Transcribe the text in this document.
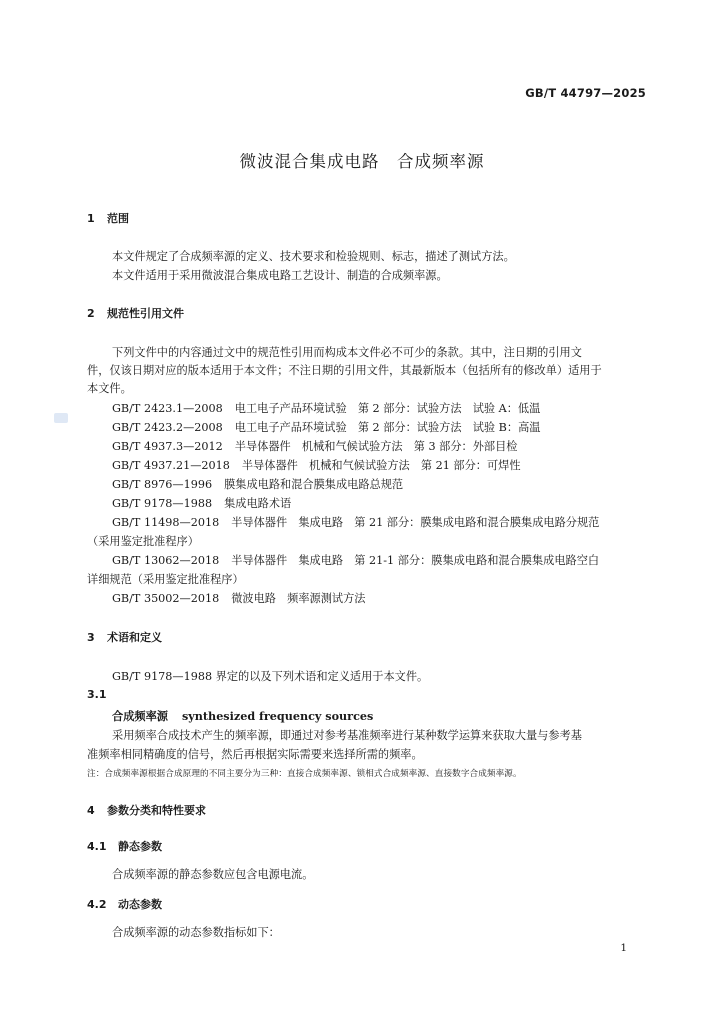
GB/T 44797—2025
微波混合集成电路　合成频率源
1 范围
本文件规定了合成频率源的定义、技术要求和检验规则、标志，描述了测试方法。
本文件适用于采用微波混合集成电路工艺设计、制造的合成频率源。
2 规范性引用文件
下列文件中的内容通过文中的规范性引用而构成本文件必不可少的条款。其中，注日期的引用文
件，仅该日期对应的版本适用于本文件；不注日期的引用文件，其最新版本（包括所有的修改单）适用于
本文件。
GB/T 2423.1—2008 电工电子产品环境试验　第 2 部分：试验方法　试验 A：低温
GB/T 2423.2—2008 电工电子产品环境试验　第 2 部分：试验方法　试验 B：高温
GB/T 4937.3—2012 半导体器件　机械和气候试验方法　第 3 部分：外部目检
GB/T 4937.21—2018 半导体器件　机械和气候试验方法　第 21 部分：可焊性
GB/T 8976—1996 膜集成电路和混合膜集成电路总规范
GB/T 9178—1988 集成电路术语
GB/T 11498—2018 半导体器件　集成电路　第 21 部分：膜集成电路和混合膜集成电路分规范
（采用鉴定批准程序）
GB/T 13062—2018 半导体器件　集成电路　第 21-1 部分：膜集成电路和混合膜集成电路空白
详细规范（采用鉴定批准程序）
GB/T 35002—2018 微波电路　频率源测试方法
3 术语和定义
GB/T 9178—1988 界定的以及下列术语和定义适用于本文件。
3.1
合成频率源 synthesized frequency sources
采用频率合成技术产生的频率源，即通过对参考基准频率进行某种数学运算来获取大量与参考基
准频率相同精确度的信号，然后再根据实际需要来选择所需的频率。
注：合成频率源根据合成原理的不同主要分为三种：直接合成频率源、锁相式合成频率源、直接数字合成频率源。
4 参数分类和特性要求
4.1 静态参数
合成频率源的静态参数应包含电源电流。
4.2 动态参数
合成频率源的动态参数指标如下：
1
